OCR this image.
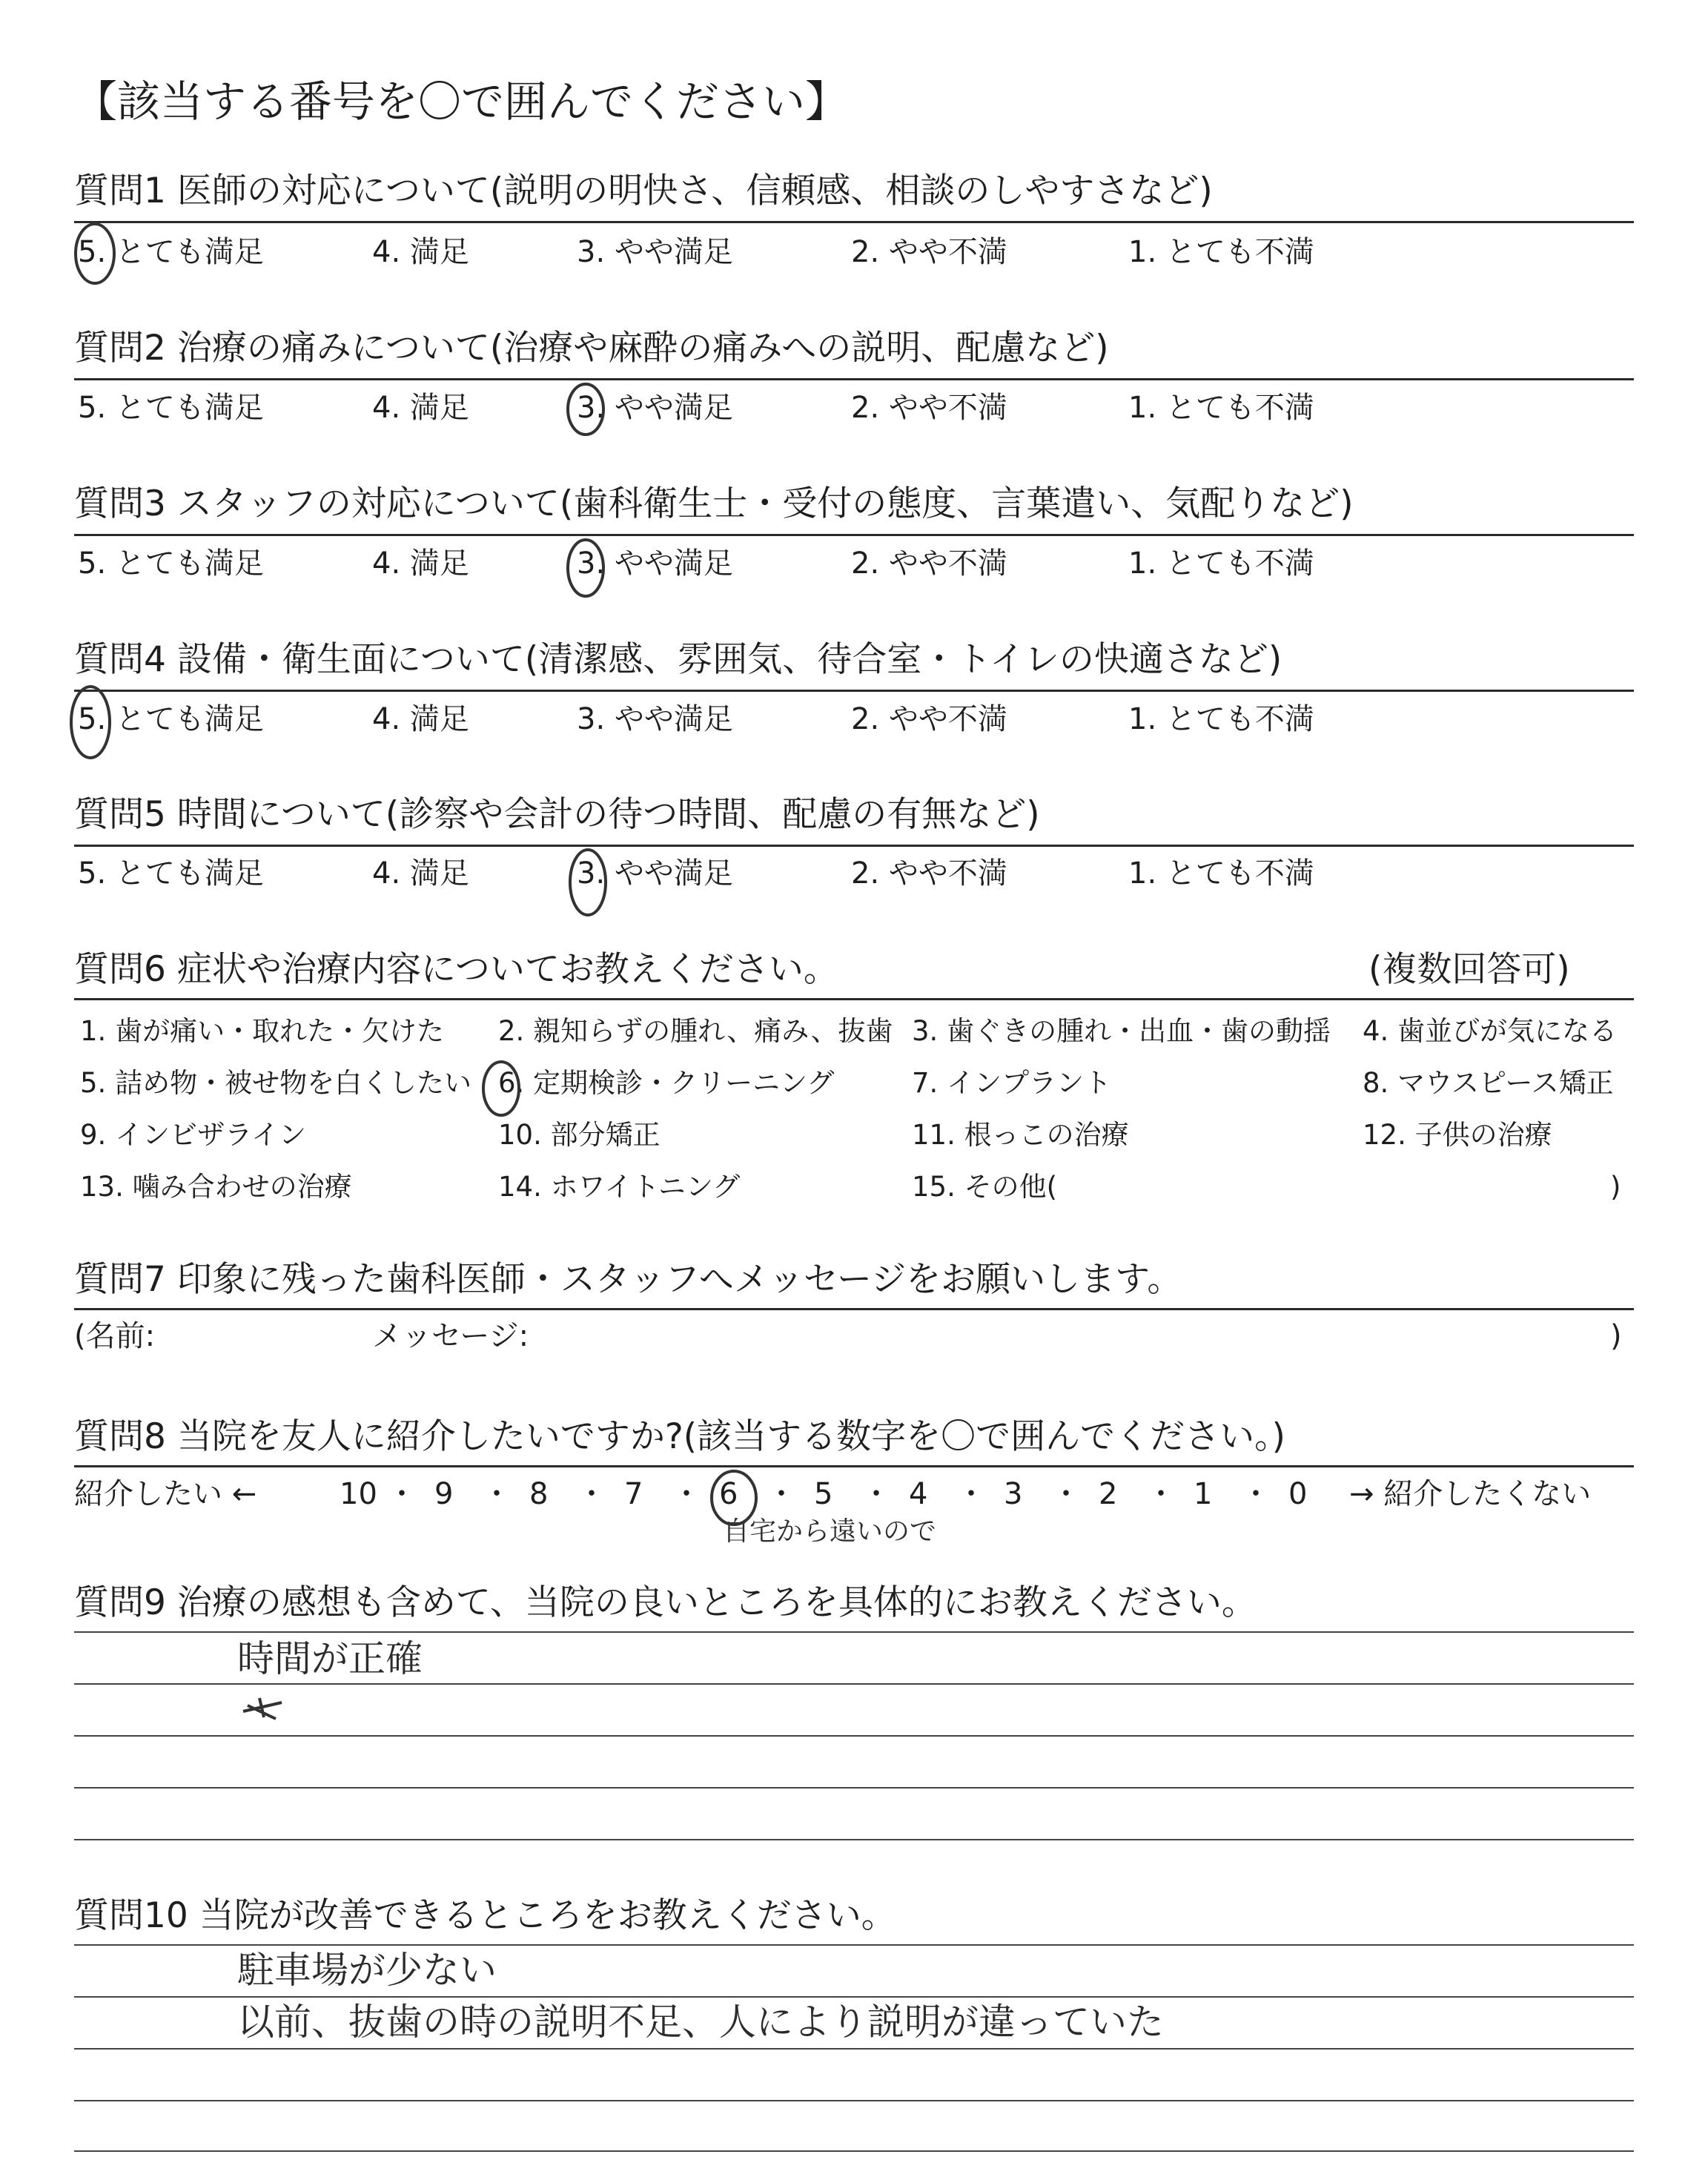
【該当する番号を〇で囲んでください】
質問1 医師の対応について(説明の明快さ、信頼感、相談のしやすさなど)
5. とても満足	4. 満足	3. やや満足	2. やや不満	1. とても不満
質問2 治療の痛みについて(治療や麻酔の痛みへの説明、配慮など)
5. とても満足	4. 満足	3. やや満足	2. やや不満	1. とても不満
質問3 スタッフの対応について(歯科衛生士・受付の態度、言葉遣い、気配りなど)
5. とても満足	4. 満足	3. やや満足	2. やや不満	1. とても不満
質問4 設備・衛生面について(清潔感、雰囲気、待合室・トイレの快適さなど)
5. とても満足	4. 満足	3. やや満足	2. やや不満	1. とても不満
質問5 時間について(診察や会計の待つ時間、配慮の有無など)
5. とても満足	4. 満足	3. やや満足	2. やや不満	1. とても不満
質問6 症状や治療内容についてお教えください。	(複数回答可)
1. 歯が痛い・取れた・欠けた 2. 親知らずの腫れ、痛み、抜歯 3. 歯ぐきの腫れ・出血・歯の動揺 4. 歯並びが気になる
5. 詰め物・被せ物を白くしたい 6. 定期検診・クリーニング	7. インプラント	8. マウスピース矯正
9. インビザライン	10. 部分矯正	11. 根っこの治療	12. 子供の治療
13. 噛み合わせの治療	14. ホワイトニング	15. その他(	)
質問7 印象に残った歯科医師・スタッフへメッセージをお願いします。
(名前:	メッセージ:	)
質問8 当院を友人に紹介したいですか?(該当する数字を〇で囲んでください。)
紹介したい ←	→ 紹介したくない
10 ・ 9 ・ 8 ・ 7 ・ 6 ・ 5 ・ 4 ・ 3 ・ 2 ・ 1 ・ 0
自宅から遠いので
質問9 治療の感想も含めて、当院の良いところを具体的にお教えください。
時間が正確
質問10 当院が改善できるところをお教えください。
駐車場が少ない
以前、抜歯の時の説明不足、人により説明が違っていた
